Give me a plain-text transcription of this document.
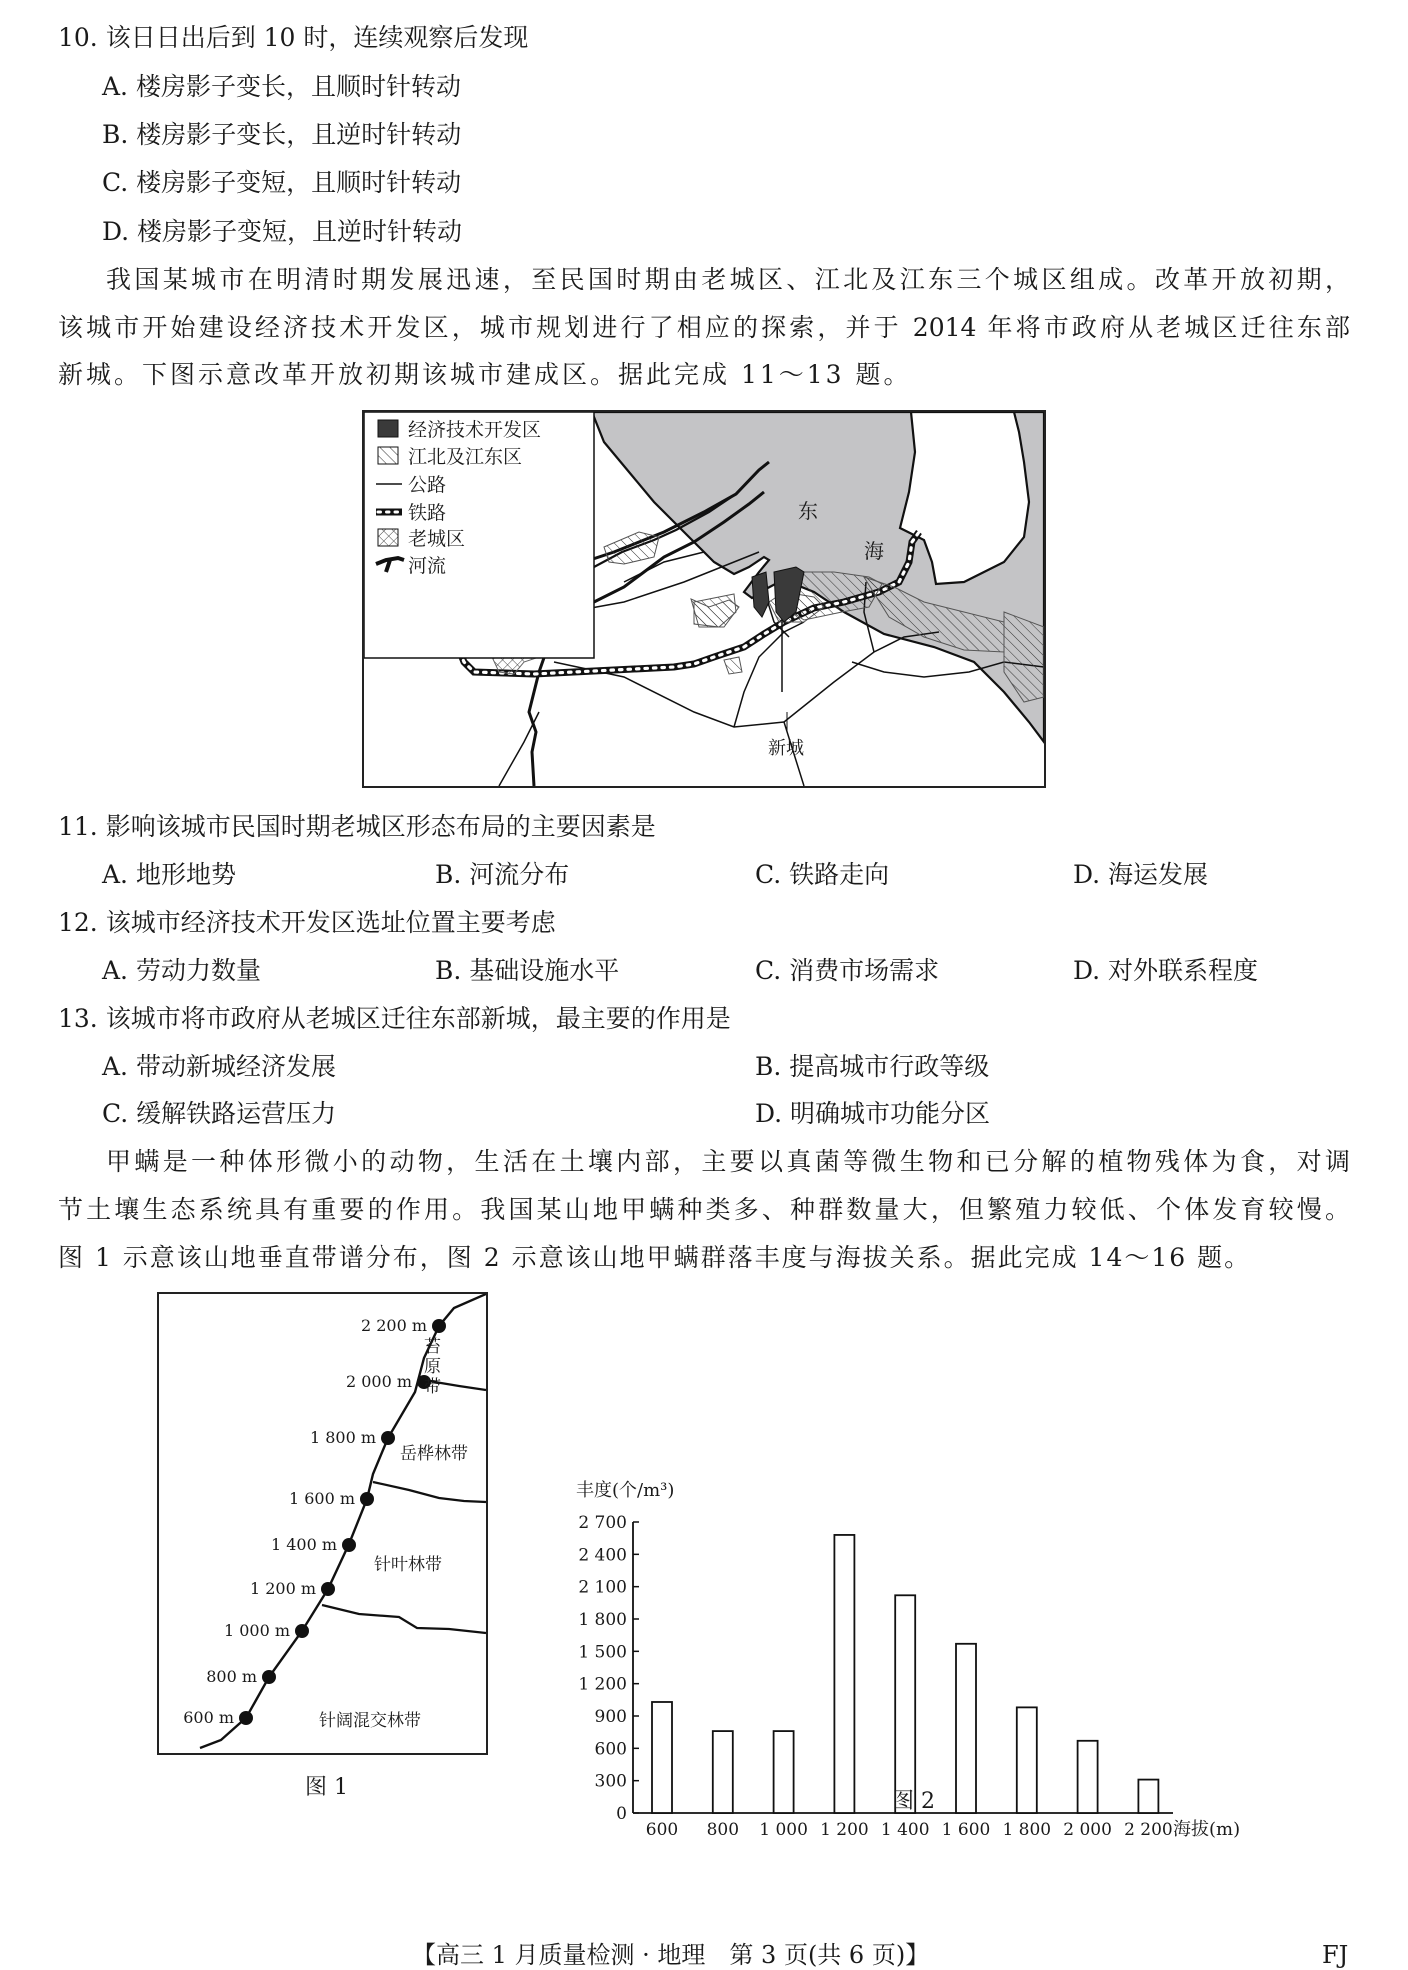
10. 该日日出后到 10 时，连续观察后发现
A. 楼房影子变长，且顺时针转动
B. 楼房影子变长，且逆时针转动
C. 楼房影子变短，且顺时针转动
D. 楼房影子变短，且逆时针转动
我国某城市在明清时期发展迅速，至民国时期由老城区、江北及江东三个城区组成。改革开放初期，
该城市开始建设经济技术开发区，城市规划进行了相应的探索，并于 2014 年将市政府从老城区迁往东部
新城。下图示意改革开放初期该城市建成区。据此完成 11～13 题。
经济技术开发区
江北及江东区
公路
铁路
老城区
河流
东
海
新城
11. 影响该城市民国时期老城区形态布局的主要因素是
A. 地形地势	B. 河流分布	C. 铁路走向	D. 海运发展
12. 该城市经济技术开发区选址位置主要考虑
A. 劳动力数量	B. 基础设施水平	C. 消费市场需求	D. 对外联系程度
13. 该城市将市政府从老城区迁往东部新城，最主要的作用是
A. 带动新城经济发展	B. 提高城市行政等级
C. 缓解铁路运营压力	D. 明确城市功能分区
甲螨是一种体形微小的动物，生活在土壤内部，主要以真菌等微生物和已分解的植物残体为食，对调
节土壤生态系统具有重要的作用。我国某山地甲螨种类多、种群数量大，但繁殖力较低、个体发育较慢。
图 1 示意该山地垂直带谱分布，图 2 示意该山地甲螨群落丰度与海拔关系。据此完成 14～16 题。
600 m
800 m
1 000 m
1 200 m
1 400 m
1 600 m
1 800 m
2 000 m
2 200 m
苔
原
带
岳桦林带
针叶林带
针阔混交林带
图 1
丰度(个/m³)
0
300
600
900
1 200
1 500
1 800
2 100
2 400
2 700
600 800 1 000 1 200 1 400 1 600 1 800 2 000 2 200 海拔(m)
图 2
【高三 1 月质量检测 · 地理　第 3 页(共 6 页)】	FJ
